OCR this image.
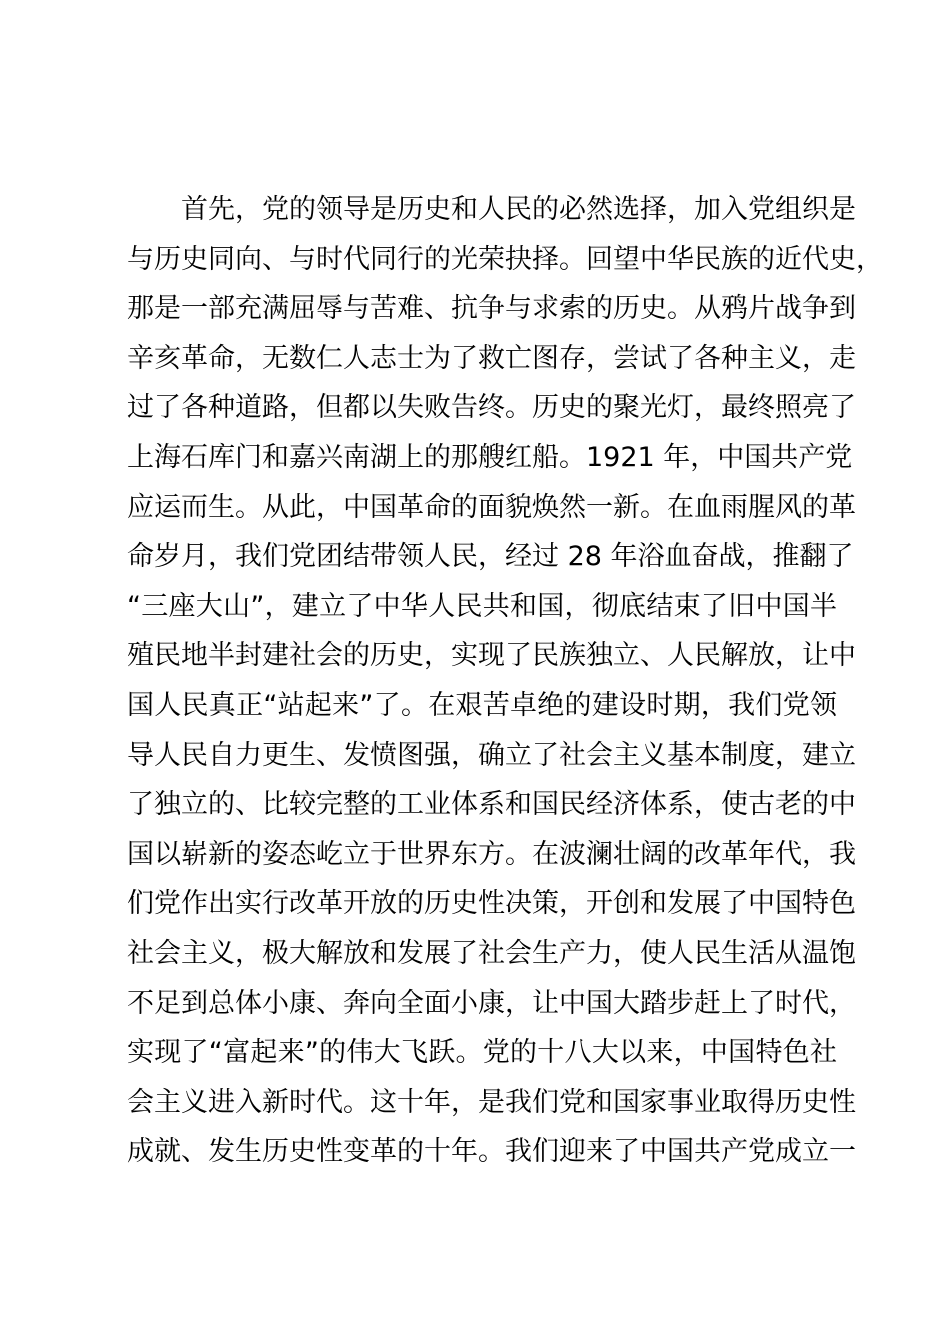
首先，党的领导是历史和人民的必然选择，加入党组织是
与历史同向、与时代同行的光荣抉择。回望中华民族的近代史，
那是一部充满屈辱与苦难、抗争与求索的历史。从鸦片战争到
辛亥革命，无数仁人志士为了救亡图存，尝试了各种主义，走
过了各种道路，但都以失败告终。历史的聚光灯，最终照亮了
上海石库门和嘉兴南湖上的那艘红船。1921 年，中国共产党
应运而生。从此，中国革命的面貌焕然一新。在血雨腥风的革
命岁月，我们党团结带领人民，经过 28 年浴血奋战，推翻了
“三座大山”，建立了中华人民共和国，彻底结束了旧中国半
殖民地半封建社会的历史，实现了民族独立、人民解放，让中
国人民真正“站起来”了。在艰苦卓绝的建设时期，我们党领
导人民自力更生、发愤图强，确立了社会主义基本制度，建立
了独立的、比较完整的工业体系和国民经济体系，使古老的中
国以崭新的姿态屹立于世界东方。在波澜壮阔的改革年代，我
们党作出实行改革开放的历史性决策，开创和发展了中国特色
社会主义，极大解放和发展了社会生产力，使人民生活从温饱
不足到总体小康、奔向全面小康，让中国大踏步赶上了时代，
实现了“富起来”的伟大飞跃。党的十八大以来，中国特色社
会主义进入新时代。这十年，是我们党和国家事业取得历史性
成就、发生历史性变革的十年。我们迎来了中国共产党成立一
